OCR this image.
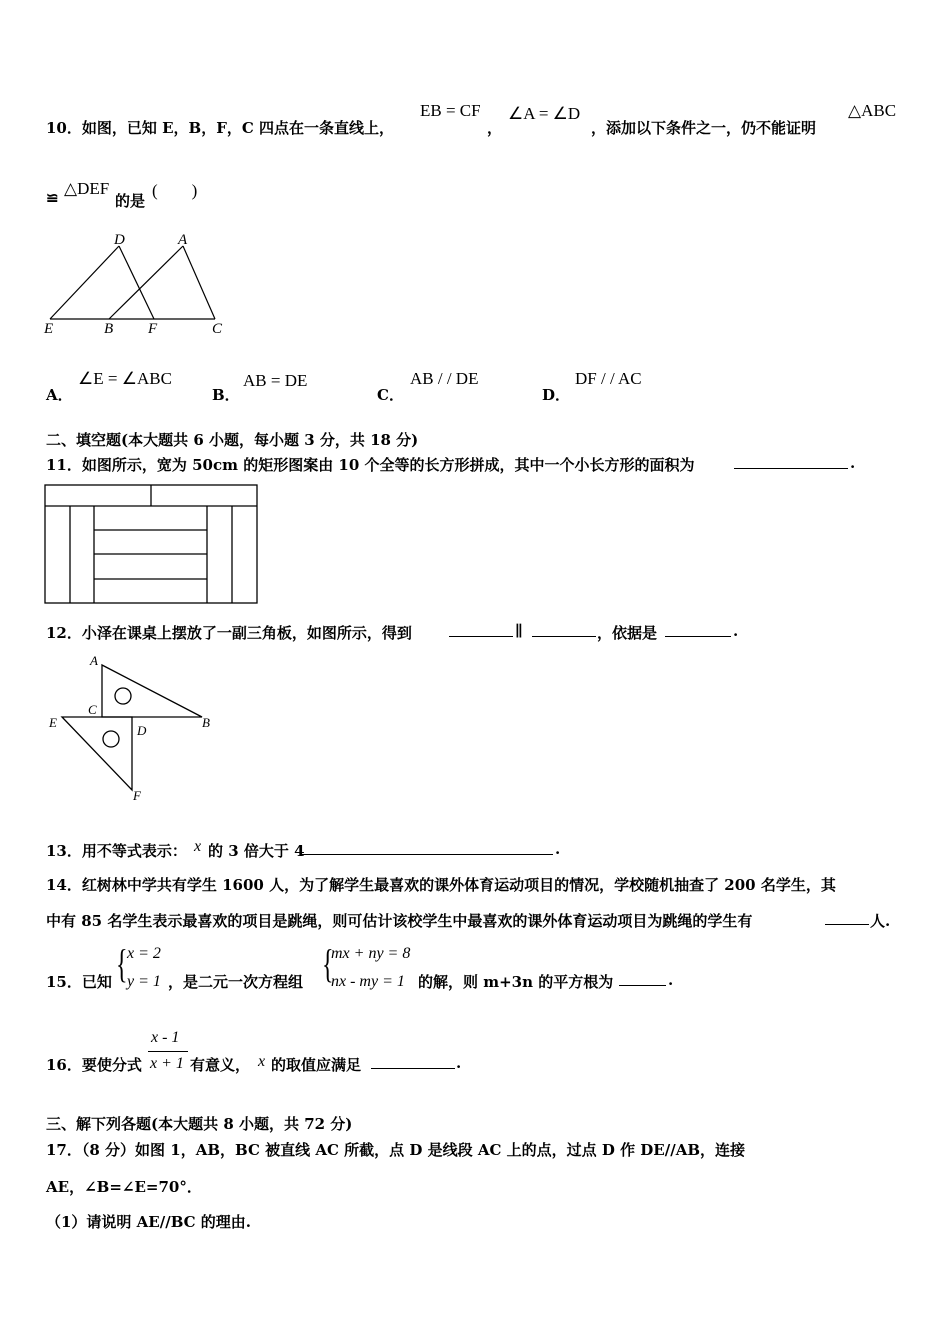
10．如图，已知 E，B，F，C 四点在一条直线上，
EB = CF
，
∠A = ∠D
，添加以下条件之一，仍不能证明
△ABC
≌ △DEF
的是
(　　)
D	A
E	B F	C
A．
∠E = ∠ABC
B．
AB = DE
C．
AB / / DE
D．
DF / / AC
二、填空题(本大题共 6 小题，每小题 3 分，共 18 分)
11．如图所示，宽为 50cm 的矩形图案由 10 个全等的长方形拼成，其中一个小长方形的面积为	.
12．小泽在课桌上摆放了一副三角板，如图所示，得到	∥	，依据是	.
A
C
E	B
D
F
13．用不等式表示： x 的 3 倍大于 4	.
14．红树林中学共有学生 1600 人，为了解学生最喜欢的课外体育运动项目的情况，学校随机抽查了 200 名学生，其
中有 85 名学生表示最喜欢的项目是跳绳，则可估计该校学生中最喜欢的课外体育运动项目为跳绳的学生有	人.
15．已知 { x = 2
y = 1 ，是二元一次方程组 {
mx + ny = 8
nx - my = 1 的解，则 m+3n 的平方根为	.
16．要使分式
x - 1
x + 1 有意义， x 的取值应满足	.
三、解下列各题(本大题共 8 小题，共 72 分)
17．（8 分）如图 1，AB，BC 被直线 AC 所截，点 D 是线段 AC 上的点，过点 D 作 DE//AB，连接
AE，∠B=∠E=70°．
（1）请说明 AE//BC 的理由.
